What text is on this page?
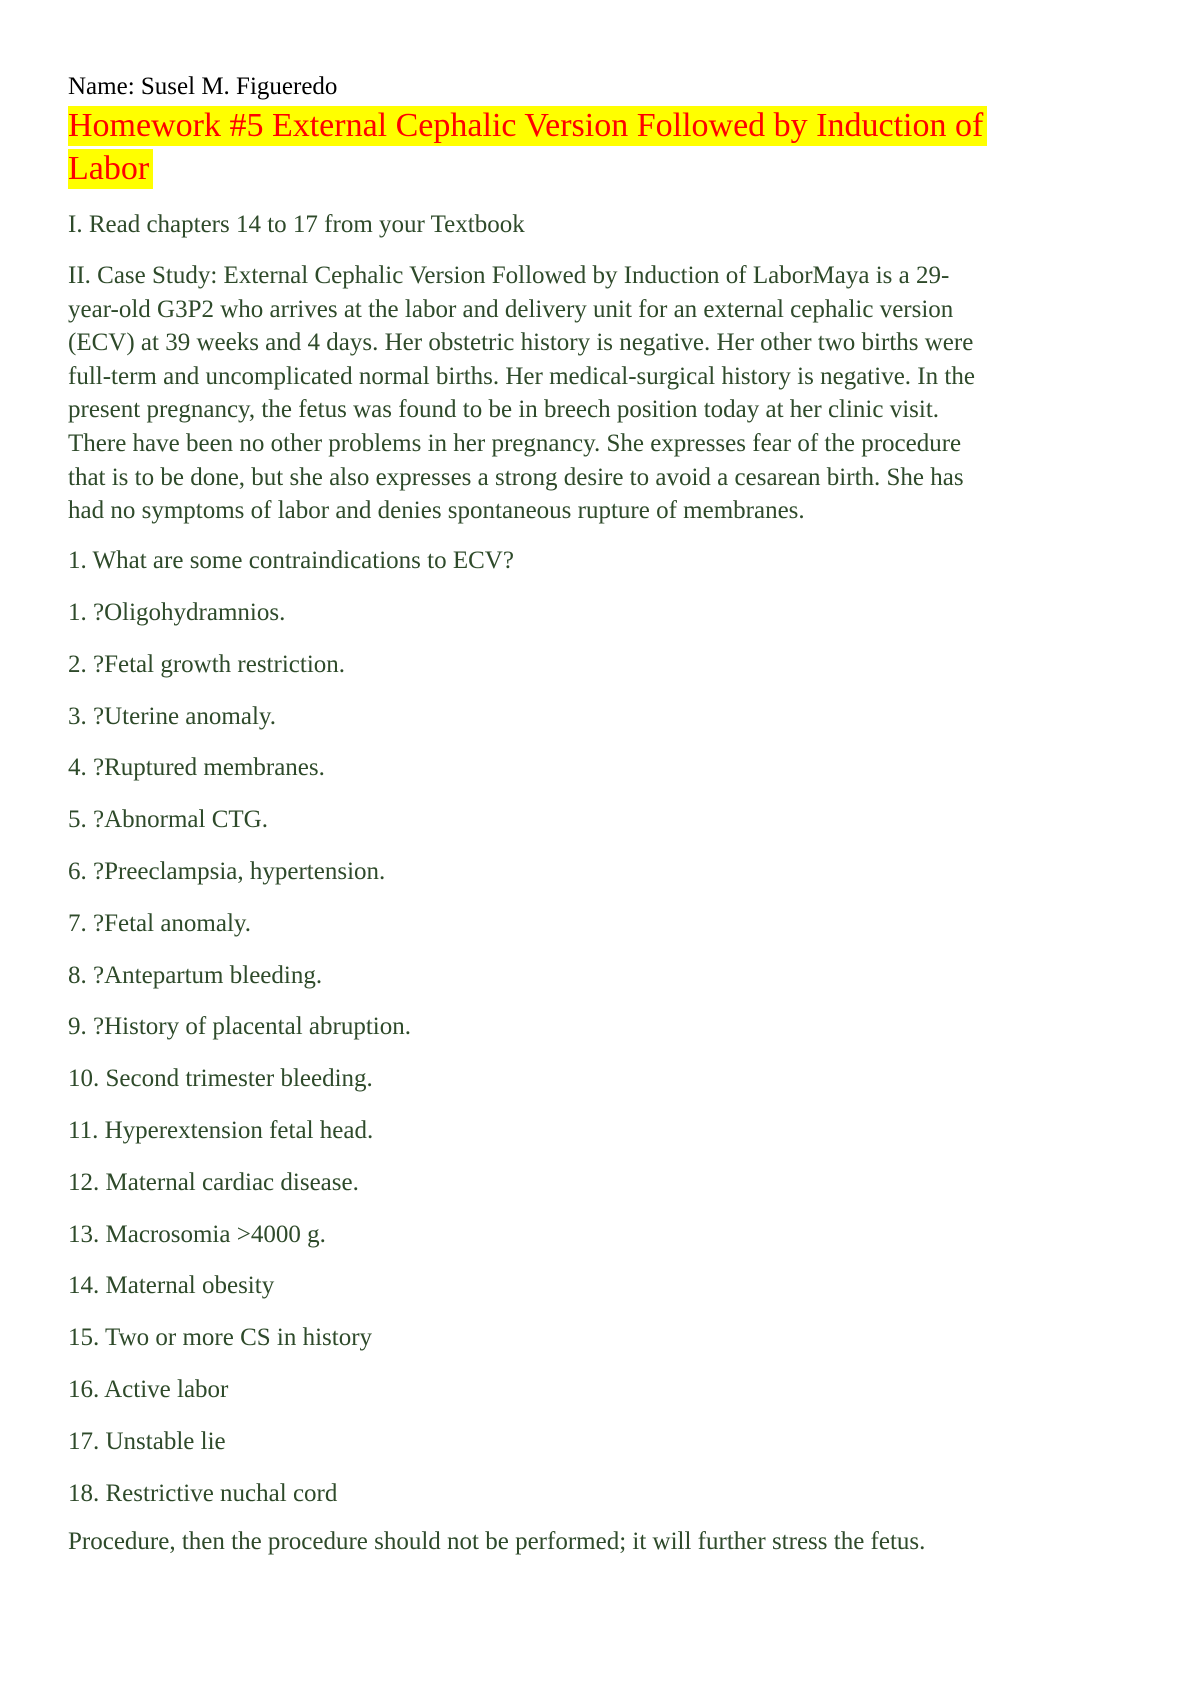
Name: Susel M. Figueredo
Homework #5 External Cephalic Version Followed by Induction of
Labor
I. Read chapters 14 to 17 from your Textbook
II. Case Study: External Cephalic Version Followed by Induction of LaborMaya is a 29-
year-old G3P2 who arrives at the labor and delivery unit for an external cephalic version
(ECV) at 39 weeks and 4 days. Her obstetric history is negative. Her other two births were
full-term and uncomplicated normal births. Her medical-surgical history is negative. In the
present pregnancy, the fetus was found to be in breech position today at her clinic visit.
There have been no other problems in her pregnancy. She expresses fear of the procedure
that is to be done, but she also expresses a strong desire to avoid a cesarean birth. She has
had no symptoms of labor and denies spontaneous rupture of membranes.
1. What are some contraindications to ECV?
1. ?Oligohydramnios.
2. ?Fetal growth restriction.
3. ?Uterine anomaly.
4. ?Ruptured membranes.
5. ?Abnormal CTG.
6. ?Preeclampsia, hypertension.
7. ?Fetal anomaly.
8. ?Antepartum bleeding.
9. ?History of placental abruption.
10. Second trimester bleeding.
11. Hyperextension fetal head.
12. Maternal cardiac disease.
13. Macrosomia >4000 g.
14. Maternal obesity
15. Two or more CS in history
16. Active labor
17. Unstable lie
18. Restrictive nuchal cord
Procedure, then the procedure should not be performed; it will further stress the fetus.
